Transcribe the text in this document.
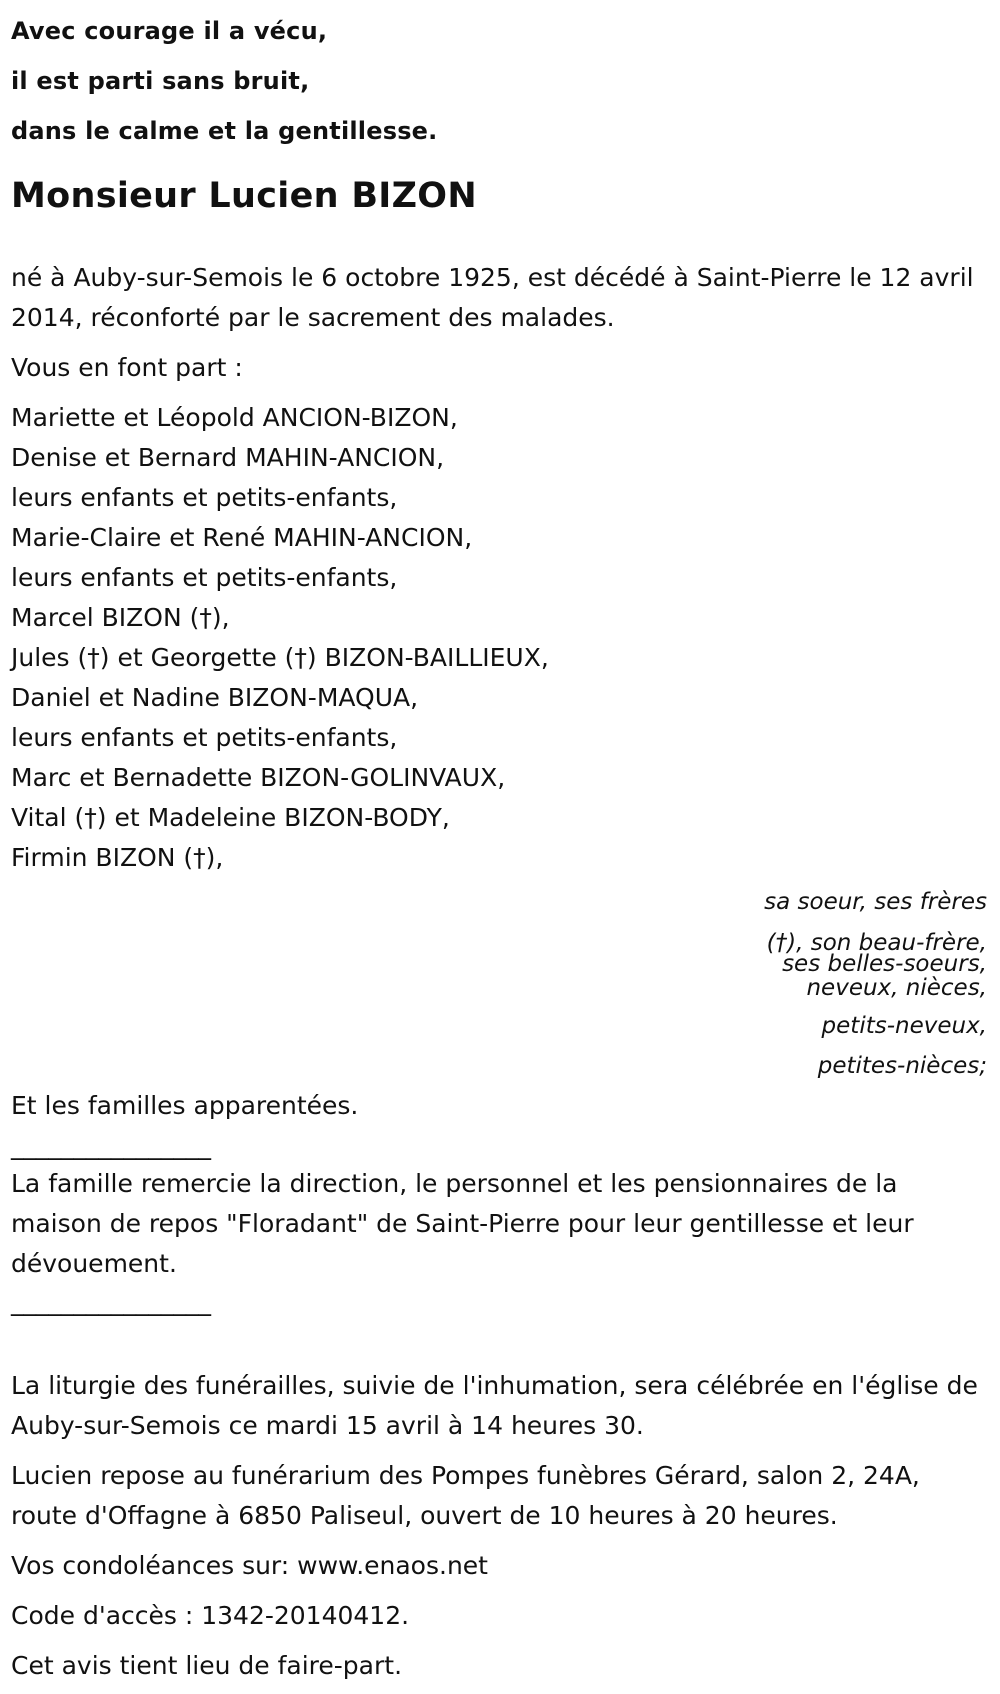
Avec courage il a vécu,

il est parti sans bruit,

dans le calme et la gentillesse.

Monsieur Lucien BIZON

né à Auby-sur-Semois le 6 octobre 1925, est décédé à Saint-Pierre le 12 avril 2014, réconforté par le sacrement des malades.

Vous en font part :

Mariette et Léopold ANCION-BIZON,
Denise et Bernard MAHIN-ANCION,
leurs enfants et petits-enfants,
Marie-Claire et René MAHIN-ANCION,
leurs enfants et petits-enfants,
Marcel BIZON (†),
Jules (†) et Georgette (†) BIZON-BAILLIEUX,
Daniel et Nadine BIZON-MAQUA,
leurs enfants et petits-enfants,
Marc et Bernadette BIZON-GOLINVAUX,
Vital (†) et Madeleine BIZON-BODY,
Firmin BIZON (†),
sa soeur, ses frères
(†), son beau-frère,
ses belles-soeurs,
neveux, nièces,
petits-neveux,
petites-nièces;

Et les familles apparentées.

________________

La famille remercie la direction, le personnel et les pensionnaires de la maison de repos "Floradant" de Saint-Pierre pour leur gentillesse et leur dévouement.

________________

La liturgie des funérailles, suivie de l'inhumation, sera célébrée en l'église de Auby-sur-Semois ce mardi 15 avril à 14 heures 30.

Lucien repose au funérarium des Pompes funèbres Gérard, salon 2, 24A, route d'Offagne à 6850 Paliseul, ouvert de 10 heures à 20 heures.

Vos condoléances sur: www.enaos.net

Code d'accès : 1342-20140412.

Cet avis tient lieu de faire-part.
